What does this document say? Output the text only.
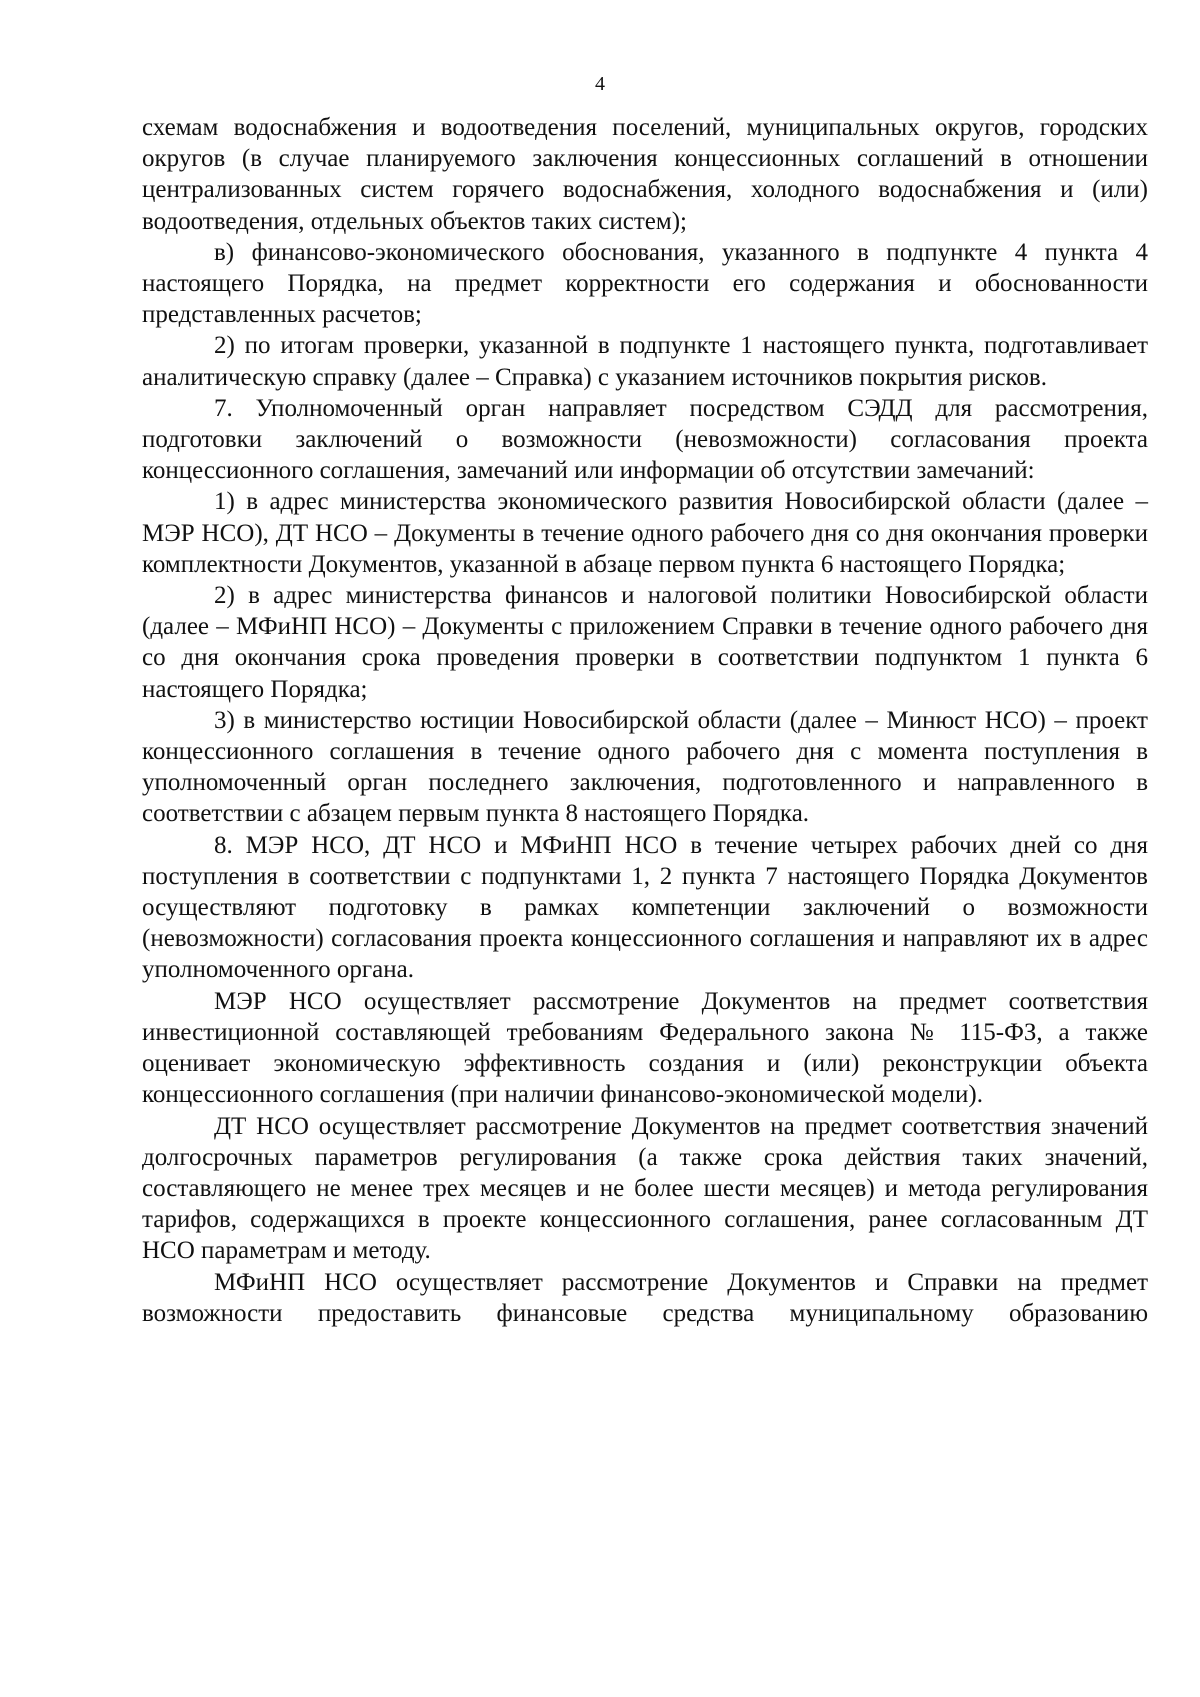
4

схемам водоснабжения и водоотведения поселений, муниципальных округов, городских округов (в случае планируемого заключения концессионных соглашений в отношении централизованных систем горячего водоснабжения, холодного водоснабжения и (или) водоотведения, отдельных объектов таких систем);

в) финансово-экономического обоснования, указанного в подпункте 4 пункта 4 настоящего Порядка, на предмет корректности его содержания и обоснованности представленных расчетов;

2) по итогам проверки, указанной в подпункте 1 настоящего пункта, подготавливает аналитическую справку (далее – Справка) с указанием источников покрытия рисков.

7. Уполномоченный орган направляет посредством СЭДД для рассмотрения, подготовки заключений о возможности (невозможности) согласования проекта концессионного соглашения, замечаний или информации об отсутствии замечаний:

1) в адрес министерства экономического развития Новосибирской области (далее – МЭР НСО), ДТ НСО – Документы в течение одного рабочего дня со дня окончания проверки комплектности Документов, указанной в абзаце первом пункта 6 настоящего Порядка;

2) в адрес министерства финансов и налоговой политики Новосибирской области (далее – МФиНП НСО) – Документы с приложением Справки в течение одного рабочего дня со дня окончания срока проведения проверки в соответствии подпунктом 1 пункта 6 настоящего Порядка;

3) в министерство юстиции Новосибирской области (далее – Минюст НСО) – проект концессионного соглашения в течение одного рабочего дня с момента поступления в уполномоченный орган последнего заключения, подготовленного и направленного в соответствии с абзацем первым пункта 8 настоящего Порядка.

8. МЭР НСО, ДТ НСО и МФиНП НСО в течение четырех рабочих дней со дня поступления в соответствии с подпунктами 1, 2 пункта 7 настоящего Порядка Документов осуществляют подготовку в рамках компетенции заключений о возможности (невозможности) согласования проекта концессионного соглашения и направляют их в адрес уполномоченного органа.

МЭР НСО осуществляет рассмотрение Документов на предмет соответствия инвестиционной составляющей требованиям Федерального закона № 115-ФЗ, а также оценивает экономическую эффективность создания и (или) реконструкции объекта концессионного соглашения (при наличии финансово-экономической модели).

ДТ НСО осуществляет рассмотрение Документов на предмет соответствия значений долгосрочных параметров регулирования (а также срока действия таких значений, составляющего не менее трех месяцев и не более шести месяцев) и метода регулирования тарифов, содержащихся в проекте концессионного соглашения, ранее согласованным ДТ НСО параметрам и методу.

МФиНП НСО осуществляет рассмотрение Документов и Справки на предмет возможности предоставить финансовые средства муниципальному образованию
